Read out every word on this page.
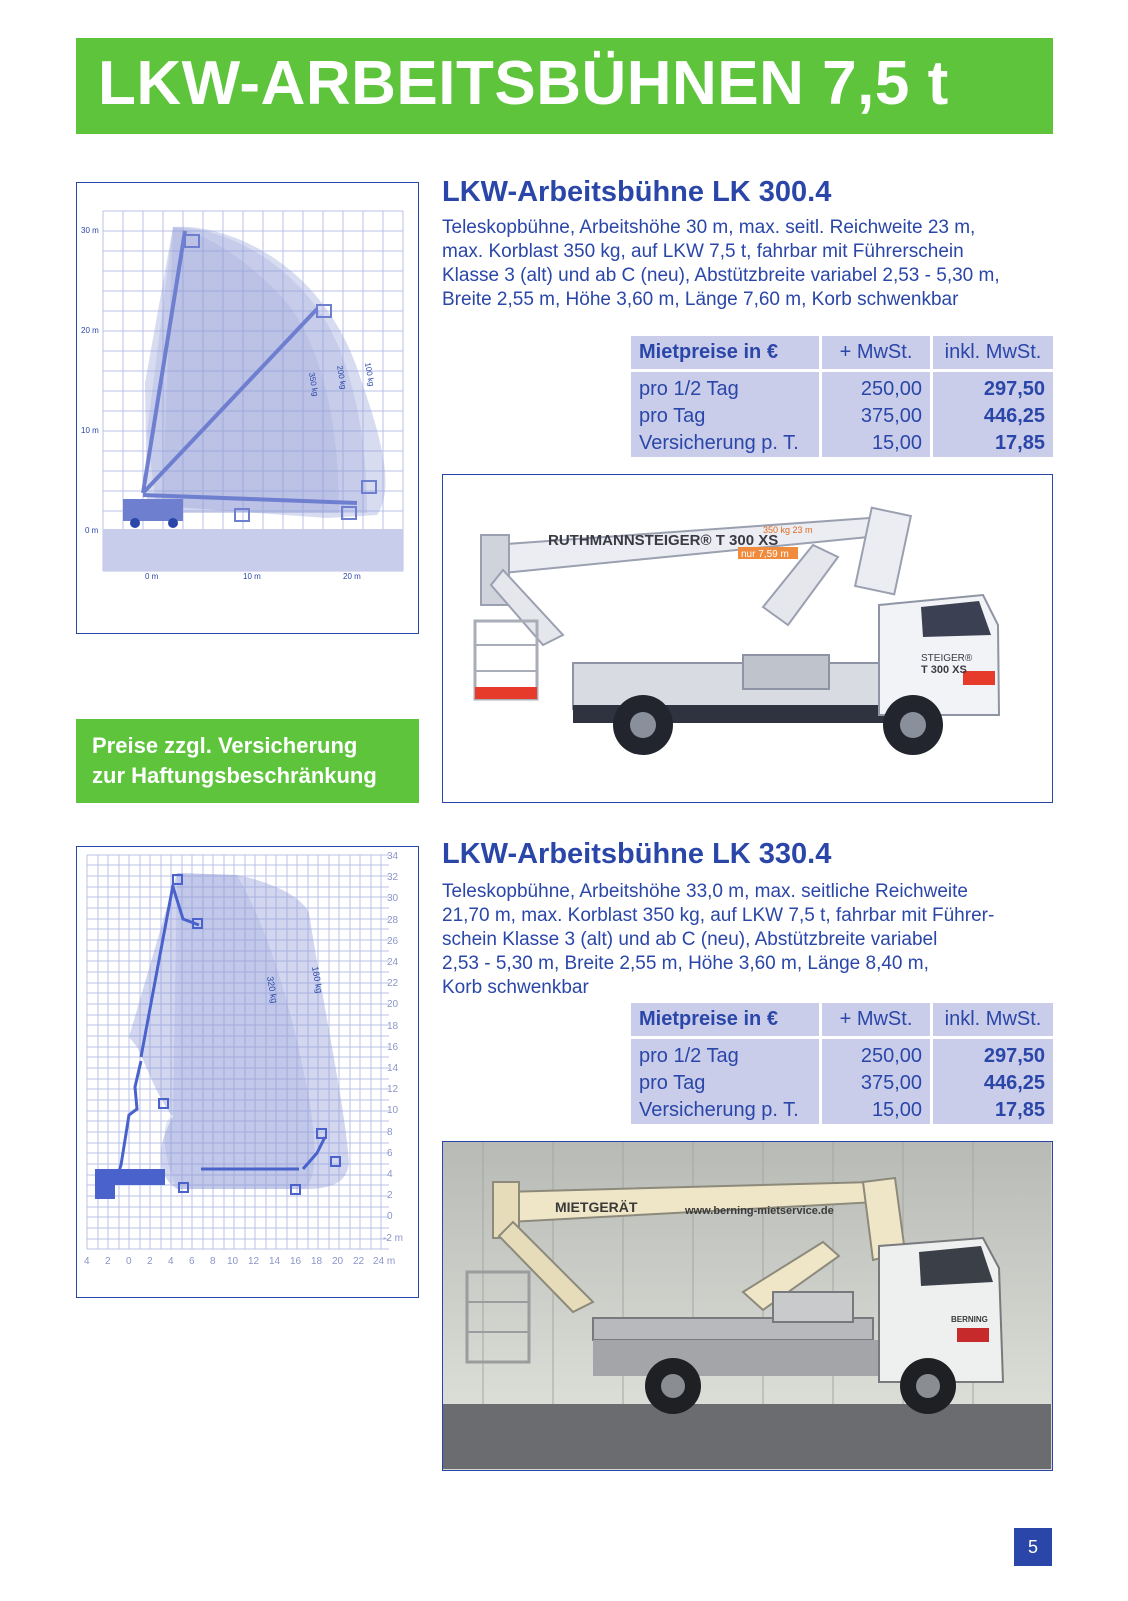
LKW-ARBEITSBÜHNEN 7,5 t
30 m
20 m
10 m
0 m
0 m	10 m	20 m
350 kg 200 kg 100 kg
LKW-Arbeitsbühne LK 300.4

Teleskopbühne, Arbeitshöhe 30 m, max. seitl. Reichweite 23 m,
max. Korblast 350 kg, auf LKW 7,5 t, fahrbar mit Führerschein
Klasse 3 (alt) und ab C (neu), Abstützbreite variabel 2,53 - 5,30 m,
Breite 2,55 m, Höhe 3,60 m, Länge 7,60 m, Korb schwenkbar

Mietpreise in €	+ MwSt.	inkl. MwSt.

pro 1/2 Tag	250,00	297,50
pro Tag	375,00	446,25
Versicherung p. T.	15,00	17,85
RUTHMANNSTEIGER® T 300 XS
350 kg 23 m
nur 7,59 m
STEIGER®
T 300 XS
Preise zzgl. Versicherung
zur Haftungsbeschränkung
34
32
30
28
26
24
22
20
18
16
14
12
10
8
6
4
2
0
-2 m
4 2 0 2 4 6 8 10 12 14 16 18 20 22 24 m
320 kg	160 kg
LKW-Arbeitsbühne LK 330.4

Teleskopbühne, Arbeitshöhe 33,0 m, max. seitliche Reichweite
21,70 m, max. Korblast 350 kg, auf LKW 7,5 t, fahrbar mit Führer-
schein Klasse 3 (alt) und ab C (neu), Abstützbreite variabel
2,53 - 5,30 m, Breite 2,55 m, Höhe 3,60 m, Länge 8,40 m,
Korb schwenkbar

Mietpreise in €	+ MwSt.	inkl. MwSt.

pro 1/2 Tag	250,00	297,50
pro Tag	375,00	446,25
Versicherung p. T.	15,00	17,85
MIETGERÄT	www.berning-mietservice.de
BERNING
5
